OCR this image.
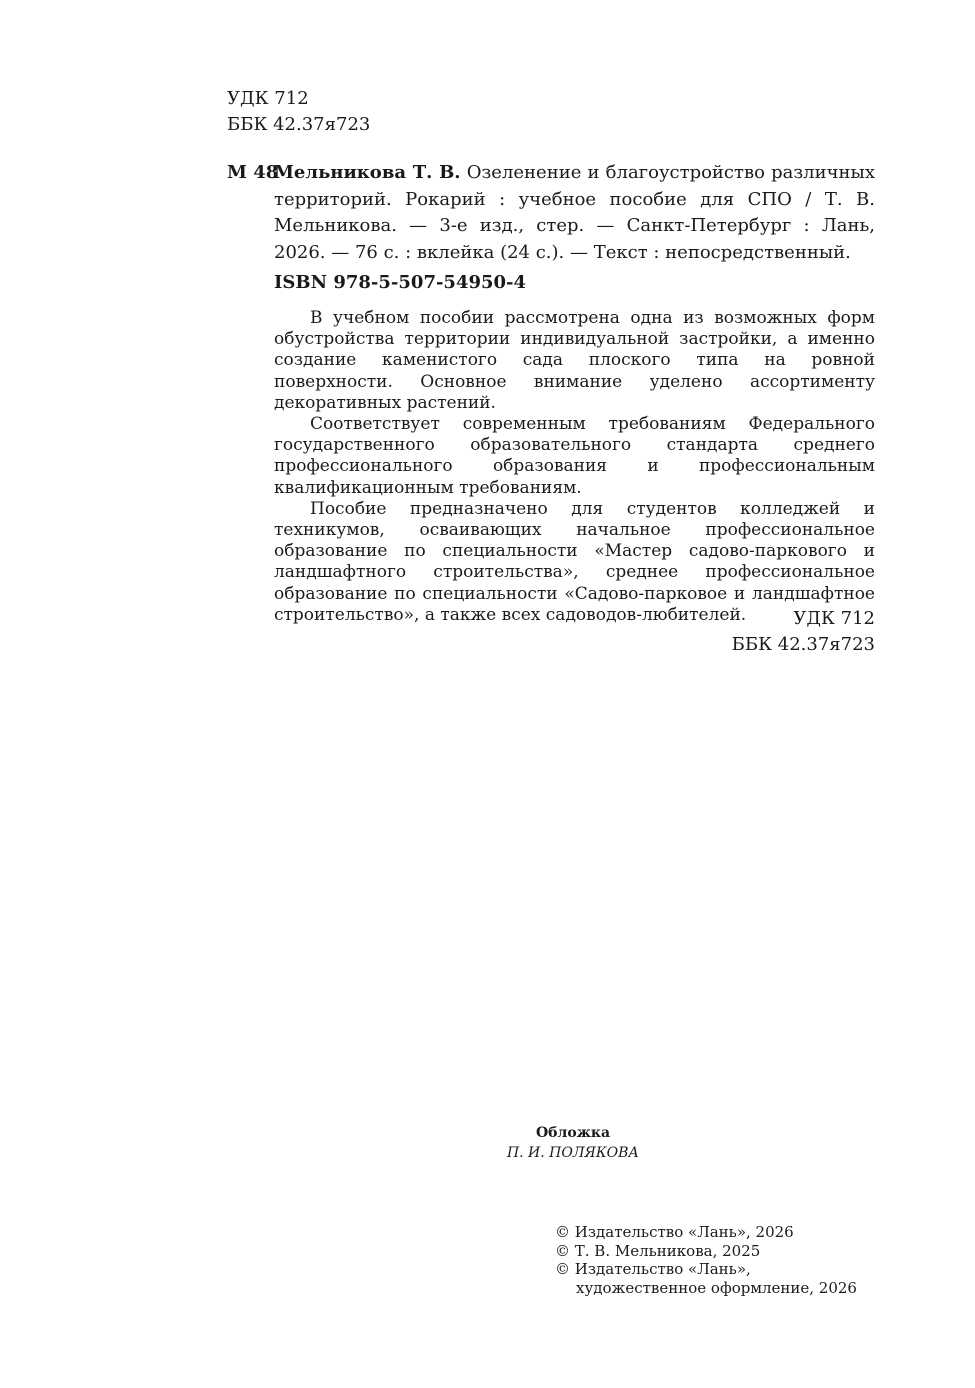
УДК 712
ББК 42.37я723
М 48
Мельникова Т. В. Озеленение и благоустройство различных территорий. Рокарий : учебное пособие для СПО / Т. В. Мельникова. — 3-е изд., стер. — Санкт-Петербург : Лань, 2026. — 76 с. : вклейка (24 с.). — Текст : непосредственный.
ISBN 978-5-507-54950-4

В учебном пособии рассмотрена одна из возможных форм обустройства территории индивидуальной застройки, а именно создание каменистого сада плоского типа на ровной поверхности. Основное внимание уделено ассортименту декоративных растений.

Соответствует современным требованиям Федерального государственного образовательного стандарта среднего профессионального образования и профессиональным квалификационным требованиям.

Пособие предназначено для студентов колледжей и техникумов, осваивающих начальное профессиональное образование по специальности «Мастер садово-паркового и ландшафтного строительства», среднее профессиональное образование по специальности «Садово-парковое и ландшафтное строительство», а также всех садоводов-любителей.	УДК 712
ББК 42.37я723
Обложка
П. И. ПОЛЯКОВА
© Издательство «Лань», 2026
© Т. В. Мельникова, 2025
© Издательство «Лань»,
художественное оформление, 2026
